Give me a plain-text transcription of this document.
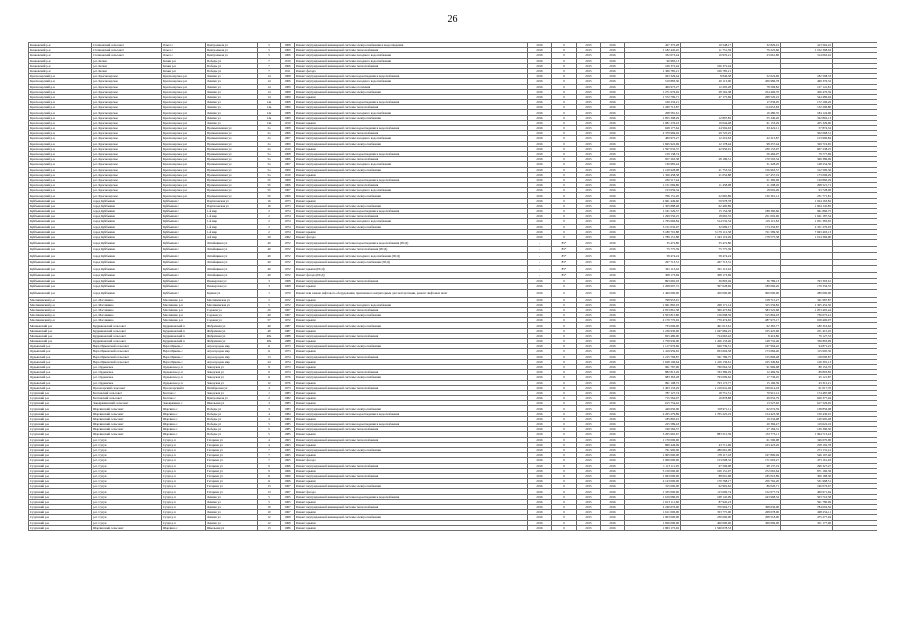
26
Кочковский р-н	Степновский сельсовет	Ольга с	Центральная ул	5	1908	Ремонт внутридомовой инженерной системы электроснабжения и водоотведения	2016	0	2015	2016	427 375,28	10 548,17	32 826,01	413 562,22	
Кочковский р-н	Степновский сельсовет	Ольга с	Центральная ул	5	1909	Ремонт внутридомовой инженерной системы теплоснабжения	2016	0	2015	2016	1 182 445,45	11 751,59	79 225,66	1 102 368,02	
Кочковский р-н	Степновский сельсовет	Ольга с	Центральная ул	5	1906	Ремонт внутридомовой инженерной системы холодного водоснабжения	2016	0	2015	2016	332 673,44	10 970,21	23 661,86	314 063,42	
Кочковский р-н	р.п. Кочки	Кочки р.п	Победы ул	7	1910	Ремонт внутридомовой инженерной системы холодного водоснабжения	2016	0	2015	2016	90 983,13				
Кочковский р-н	р.п. Кочки	Кочки р.п	Победы ул	7	1906	Ремонт внутридомовой инженерной системы теплоснабжения	2016	0	2015	2016	106 372,44	106 372,44			
Кочковский р-н	р.п. Кочки	Кочки р.п	Победы ул	7	1911	Ремонт фасада	2016	0	2015	2016	1 306 785,21	106 785,21			
Краснозерский р-н	р.п. Краснозерское	Краснозерское р.п	Ленина ул	14	1908	Ремонт внутридомовой инженерной системы водоотведения и водоснабжения	2016	0	2015	2016	263 329,44	8 846,58	52 024,69	182 508,33	
Краснозерский р-н	р.п. Краснозерское	Краснозерское р.п	Ленина ул	14	1906	Ремонт внутридомовой инженерной системы холодного водоснабжения	2016	0	2015	2016	519 883,36	20 113,90	206 986,78	469 376,32	
Краснозерский р-н	р.п. Краснозерское	Краснозерское р.п	Ленина ул	14	1909	Ремонт внутридомовой инженерной системы отопления	2016	0	2015	2016	409 973,27	12 295,28	78 506,82	127 141,81	
Краснозерский р-н	р.п. Краснозерское	Краснозерское р.п	Ленина ул	14	1908	Ремонт внутридомовой инженерной системы электроснабжения	2016	0	2015	2016	1 271 676,92	28 162,38	254 406,70	456 476,59	
Краснозерский р-н	р.п. Краснозерское	Краснозерское р.п	Ленина ул	14	1909	Ремонт крыши	2016	0	2015	2016	1 572 799,71	47 175,69	268 520,22	544 486,94	
Краснозерский р-н	р.п. Краснозерское	Краснозерское р.п	Ленина ул	14а	1908	Ремонт внутридомовой инженерной системы водоотведения и водоснабжения	2016	0	2015	2016	109 232,21		17 036,95	172 196,26	
Краснозерский р-н	р.п. Краснозерское	Краснозерское р.п	Ленина ул	14а	1906	Ремонт внутридомовой инженерной системы теплоснабжения	2016	0	2015	2016	1 260 713,87		114 653,83	132 296,80	
Краснозерский р-н	р.п. Краснозерское	Краснозерское р.п	Ленина ул	14а	1908	Ремонт внутридомовой инженерной системы холодного водоснабжения	2016	0	2015	2016	208 581,61		16 480,35	184 124,06	
Краснозерский р-н	р.п. Краснозерское	Краснозерское р.п	Ленина ул	14а	1909	Ремонт внутридомовой инженерной системы электроснабжения	2016	0	2015	2016	1 855 308,29	12 897,85	55 340,26	322 802,13	
Краснозерский р-н	р.п. Краснозерское	Краснозерское р.п	Ленина ул	14а	1910	Ремонт крыши	2016	0	2015	2016	1 681 276,43	19 044,48	61 153,29	455 329,00	
Краснозерский р-н	р.п. Краснозерское	Краснозерское р.п	Промышленная ул	2а	1908	Ремонт внутридомовой инженерной системы водоотведения и водоснабжения	2016	0	2015	2016	628 177,64	24 594,63	63 422,11	57 874,34	
Краснозерский р-н	р.п. Краснозерское	Краснозерское р.п	Промышленная ул	2а	1906	Ремонт внутридомовой инженерной системы теплоснабжения	2016	0	2015	2016	2 379 969,02	29 725,25		502 068,51	
Краснозерский р-н	р.п. Краснозерское	Краснозерское р.п	Промышленная ул	2а	1907	Ремонт внутридомовой инженерной системы холодного водоснабжения	2016	0	2015	2016	409 975,27	12 219,63	42 215,87	153 990,84	
Краснозерский р-н	р.п. Краснозерское	Краснозерское р.п	Промышленная ул	2а	1909	Ремонт внутридомовой инженерной системы электроснабжения	2016	0	2015	2016	1 845 922,69	12 178,44	98 257,44	329 719,65	
Краснозерский р-н	р.п. Краснозерское	Краснозерское р.п	Промышленная ул	2а	1910	Ремонт крыши	2016	0	2015	2016	1 597 032,37	42 950,91	236 153,97	607 238,25	
Краснозерский р-н	р.п. Краснозерское	Краснозерское р.п	Промышленная ул	5а	1908	Ремонт внутридомовой инженерной системы водоотведения и водоснабжения	2016	0	2015	2016	159 138,74		56 466,07	79 777,69	
Краснозерский р-н	р.п. Краснозерское	Краснозерское р.п	Промышленная ул	5а	1906	Ремонт внутридомовой инженерной системы теплоснабжения	2016	0	2015	2016	957 263,38	28 186,51	170 593,34	369 386,09	
Краснозерский р-н	р.п. Краснозерское	Краснозерское р.п	Промышленная ул	5а	1907	Ремонт внутридомовой инженерной системы холодного водоснабжения	2016	0	2015	2016	130 983,44		31 428,20	148 254,50	
Краснозерский р-н	р.п. Краснозерское	Краснозерское р.п	Промышленная ул	5а	1909	Ремонт внутридомовой инженерной системы электроснабжения	2016	0	2015	2016	1 129 928,98	21 753,32	156 963,57	312 500,36	
Краснозерский р-н	р.п. Краснозерское	Краснозерское р.п	Промышленная ул	5а	1910	Ремонт крыши	2016	0	2015	2016	1 326 458,38	21 052,88	117 457,19	173 006,29	
Краснозерский р-н	р.п. Краснозерское	Краснозерское р.п	Промышленная ул	5б	1908	Ремонт внутридомовой инженерной системы водоотведения и водоснабжения	2016	0	2015	2016	230 517,44		21 360,09	129 860,29	
Краснозерский р-н	р.п. Краснозерское	Краснозерское р.п	Промышленная ул	5б	1906	Ремонт внутридомовой инженерной системы теплоснабжения	2016	0	2015	2016	1 151 069,86	11 458,08	11 298,26	298 521,71	
Краснозерский р-н	р.п. Краснозерское	Краснозерское р.п	Промышленная ул	5б	1907	Ремонт внутридомовой инженерной системы холодного водоснабжения	2016	0	2015	2016	153 659,34		18 002,49	93 728,00	
Краснозерский р-н	р.п. Краснозерское	Краснозерское р.п	Промышленная ул	5б	1909	Ремонт внутридомовой инженерной системы электроснабжения	2016	0	2015	2016	706 151,20	22 665,89	130 361,12	231 771,81	
Куйбышевский р-н	город Куйбышев	Куйбышев г	Партизанская ул	16	1973	Ремонт крыши	2016	0	2015	2016	2 961 449,60	59 978,78		1 024 163,82	
Куйбышевский р-н	город Куйбышев	Куйбышев г	Партизанская ул	16	1973	Ремонт внутридомовой инженерной системы электроснабжения	2016	0	2015	2016	1 305 888,48	62 400,89		1 604 145,85	
Куйбышевский р-н	город Куйбышев	Куйбышев г	1-й мкр	2	1974	Ремонт внутридомовой инженерной системы водоотведения и водоснабжения	2016	0	2015	2016	1 161 529,57	15 154,38	188 360,66	961 860,75	
Куйбышевский р-н	город Куйбышев	Куйбышев г	1-й мкр	2	1974	Ремонт внутридомовой инженерной системы теплоснабжения	2016	0	2015	2016	1 299 550,25	18 665,35	251 002,96	1 041 187,54	
Куйбышевский р-н	город Куйбышев	Куйбышев г	1-й мкр	2	1974	Ремонт внутридомовой инженерной системы холодного водоснабжения	2016	0	2015	2016	1 765 666,84	514 532,54	119 115,83	1 051 383,65	
Куйбышевский р-н	город Куйбышев	Куйбышев г	1-й мкр	2	1974	Ремонт внутридомовой инженерной системы электроснабжения	2016	0	2015	2016	3 151 032,07	32 699,17	173 256,87	2 351 276,03	
Куйбышевский р-н	город Куйбышев	Куйбышев г	1-й мкр	2	1974	Ремонт крыши	2016	0	2015	2016	3 180 701,88	3 179 112,58	721 589,30	7 663 493,13	
Куйбышевский р-н	город Куйбышев	Куйбышев г	4-й мкр	29	1962	Ремонт фасада	2016	0	2015	2016	1 789 151,88	1 343 119,49	178 575,38	1 014 366,90	
Куйбышевский р-н	город Куйбышев	Куйбышев г	Литейщиков ул	49	1972	Ремонт внутридомовой инженерной системы водоотведения и водоснабжения (ПСД)	-	85*	2015	2016	35 472,80	35 472,80			
Куйбышевский р-н	город Куйбышев	Куйбышев г	Литейщиков ул	49	1972	Ремонт внутридомовой инженерной системы теплоснабжения (ПСД)	-	85*	2015	2016	75 775,39	75 775,39			
Куйбышевский р-н	город Куйбышев	Куйбышев г	Литейщиков ул	49	1972	Ремонт внутридомовой инженерной системы холодного водоснабжения (ПСД)	-	85*	2015	2016	58 474,24	58 474,24			
Куйбышевский р-н	город Куйбышев	Куйбышев г	Литейщиков ул	49	1972	Ремонт внутридомовой инженерной системы электроснабжения (ПСД)	-	85*	2015	2016	267 713,31	267 713,31			
Куйбышевский р-н	город Куйбышев	Куйбышев г	Литейщиков ул	49	1972	Ремонт крыши (ПСД)	-	85*	2015	2016	301 113,42	301 113,42			
Куйбышевский р-н	город Куйбышев	Куйбышев г	Литейщиков ул	49	1972	Ремонт фасада (ПСД)	-	85*	2015	2016	308 173,69	308 173,69			
Куйбышевский р-н	город Куйбышев	Куйбышев г	Пионерская ул	3	1968	Ремонт внутридомовой инженерной системы теплоснабжения	2016	0	2015	2016	893 665,03	36 803,49	36 789,13	763 393,91	
Куйбышевский р-н	город Куйбышев	Куйбышев г	Пионерская ул	3	1968	Ремонт крыши	2016	0	2015	2016	1 208 697,72	397 028,69	189 066,26	179 356,55	
Куйбышевский р-н	город Куйбышев	Куйбышев г	Кривая ул	1	1970	Ремонт или замена лифтового оборудования, признанного непригодным для эксплуатации, ремонт лифтовых шахт	2016	0	2015	2016	1 400 000,00	450 000,00	900 000,00	280 000,00	
Маслянинский р-н	р.п. Маслянино	Маслянино р.п	Маслянинская ул	5	1972	Ремонт крыши	2016	0	2015	2016	798 953,91		158 715,27	341 987,87	
Маслянинский р-н	р.п. Маслянино	Маслянино р.п	Маслянинская ул	5	1972	Ремонт внутридомовой инженерной системы холодного водоснабжения	2016	0	2015	2016	1 961 865,93	268 171,14	315 556,82	1 305 452,50	
Маслянинский р-н	р.п. Маслянино	Маслянино р.п	Садовая ул	20	1967	Ремонт внутридомовой инженерной системы теплоснабжения	2016	0	2015	2016	2 053 861,38	360 473,84	583 522,68	1 053 405,44	
Маслянинский р-н	р.п. Маслянино	Маслянино р.п	Садовая ул	49	1967	Ремонт внутридомовой инженерной системы электроснабжения	2016	0	2015	2016	2 503 815,86	156 098,39	515 864,03	736 075,41	
Маслянинский р-н	р.п. Маслянино	Маслянино р.п	Садовая ул	57	1972	Ремонт крыши	2016	0	2015	2016	2 170 770,02	779 474,65	287 975,17	918 400,97	
Мошковский р-н	Кудряшовский сельсовет	Кудряшовский п	Фабричная ул	49	1987	Ремонт внутридомовой инженерной системы электроснабжения	2016	0	2015	2016	733 696,00	491 013,61	62 365,77	180 316,62	
Мошковский р-н	Кудряшовский сельсовет	Кудряшовский п	Фабричная ул	48	1987	Ремонт крыши	2016	0	2015	2016	1 236 930,00	1 047 669,25	105 425,96	251 415,45	
Мошковский р-н	Кудряшовский сельсовет	Кудряшовский п	Фабричная ул	48а	1988	Ремонт внутридомовой инженерной системы теплоснабжения	2016	0	2015	2016	825 480,00	724 663,42	8 416,86	79 127,53	
Мошковский р-н	Кудряшовский сельсовет	Кудряшовский п	Фабричная ул	48а	1988	Ремонт крыши	2016	0	2015	2016	1 759 930,00	1 456 133,40	148 732,46	336 893,99	
Ордынский р-н	Верх-Ирменский сельсовет	Верх-Ирмень с	Агрогородок мкр	11	1973	Ремонт внутридомовой инженерной системы электроснабжения	2016	0	2015	2016	1 117 676,66	949 739,51	167 994,42	94 871,22	
Ордынский р-н	Верх-Ирменский сельсовет	Верх-Ирмень с	Агрогородок мкр	11	1973	Ремонт крыши	2016	0	2015	2016	1 419 959,65	833 604,58	173 684,40	115 695,50	
Ордынский р-н	Верх-Ирменский сельсовет	Верх-Ирмень с	Агрогородок мкр	13	1974	Ремонт внутридомовой инженерной системы теплоснабжения	2016	0	2015	2016	1 215 796,87	561 786,75	155 896,48	118 000,87	
Ордынский р-н	Верх-Ирменский сельсовет	Верх-Ирмень с	Агрогородок мкр	24	1974	Ремонт крыши	2016	0	2015	2016	1 628 106,64	1 416 136,61	105 349,84	126 391,13	
Ордынский р-н	р.п. Ордынское	Ордынское р.п	Заводская ул	8	1973	Ремонт крыши	2016	0	2015	2016	961 787,00	760 064,32	91 969,98	80 152,70	
Ордынский р-н	р.п. Ордынское	Ордынское р.п	Заводская ул	9	1974	Ремонт внутридомовой инженерной системы теплоснабжения	2016	0	2015	2016	882 813,26	763 386,29	12 469,59	89 803,85	
Ордынский р-н	р.п. Ордынское	Ордынское р.п	Заводская ул	11	1976	Ремонт внутридомовой инженерной системы электроснабжения	2016	0	2015	2016	983 363,28	763 009,62	17 736,45	45 121,87	
Ордынский р-н	р.п. Ордынское	Ордынское р.п	Заводская ул	12	1976	Ремонт крыши	2016	0	2015	2016	991 198,72	793 173,77	15 160,39	43 315,21	
Ордынский р-н	Пролетарский сельсовет	Пролетарский п	Октябрьская ул	4	1973	Ремонт внутридомовой инженерной системы теплоснабжения	2016	0	2015	2016	1 403 133,29	1 219 641,49	109 614,18	91 017,70	
Сузунский р-н	Болтовский сельсовет	Болтово с	Заводская ул	1	1983	Ремонт крыши	2016	0	2015	2016	787 127,74	18 751,51	70 915,12	174 487,08	
Сузунский р-н	Болтовский сельсовет	Болтово с	Центральная ул	2	1982	Ремонт крыши	2016	0	2015	2016	715 564,07	16 878,88	49 052,79	620 377,94	
Сузунский р-н	Заковряжинский сельсовет	Заковряжино с	Школьная ул	3	1983	Ремонт крыши	2016	0	2015	2016	615 754,42		13 527,92	617 526,95	
Сузунский р-н	Шарчинский сельсовет	Шарчино с	Победы ул	3	1983	Ремонт внутридомовой инженерной системы электроснабжения	2016	0	2015	2016	449 650,00	318 971,11	62 074,59	138 856,08	
Сузунский р-н	Шарчинский сельсовет	Шарчино с	Победы ул	4	1984	Ремонт внутридомовой инженерной системы водоотведения и водоснабжения	2016	0	2015	2016	2 205 279,89	1 705 225,19	154 423,38	150 430,01	
Сузунский р-н	Шарчинский сельсовет	Шарчино с	Победы ул	4	1984	Ремонт крыши	2016	0	2015	2016	185 895,91		19 234,08	126 995,48	
Сузунский р-н	Шарчинский сельсовет	Шарчино с	Победы ул	5	1985	Ремонт внутридомовой инженерной системы водоотведения и водоснабжения	2016	0	2015	2016	225 589,43		20 366,47	119 622,16	
Сузунский р-н	Шарчинский сельсовет	Шарчино с	Победы ул	5	1985	Ремонт внутридомовой инженерной системы теплоснабжения	2016	0	2015	2016	190 584,37		27 184,31	139 390,50	
Сузунский р-н	Шарчинский сельсовет	Шарчино с	Победы ул	5	1985	Ремонт крыши	2016	0	2015	2016	3 205 665,67	883 515,39	133 775,11	1 994 713,43	
Сузунский р-н	р.п. Сузун	Сузун р.п	Гагарина ул	4	1963	Ремонт внутридомовой инженерной системы теплоснабжения	2016	0	2015	2016	1 170 000,00		61 590,98	346 670,00	
Сузунский р-н	р.п. Сузун	Сузун р.п	Гагарина ул	4	1963	Ремонт крыши	2016	0	2015	2016	860 446,09	43 711,96	103 423,26	258 102,78	
Сузунский р-н	р.п. Сузун	Сузун р.п	Гагарина ул	7	1965	Ремонт внутридомовой инженерной системы электроснабжения	2016	0	2015	2016	761 900,00	286 661,00		273 131,41	
Сузунский р-н	р.п. Сузун	Сузун р.п	Гагарина ул	7	1965	Ремонт крыши	2016	0	2015	2016	1 905 000,00	178 117,18	197 800,49	546 197,46	
Сузунский р-н	р.п. Сузун	Сузун р.п	Гагарина ул	7	1965	Ремонт фасада	2016	0	2015	2016	1 600 000,00	153 008,32	171 003,27	473 161,93	
Сузунский р-н	р.п. Сузун	Сузун р.п	Гагарина ул	9	1966	Ремонт внутридомовой инженерной системы теплоснабжения	2016	0	2015	2016	1 113 111,05	67 506,98	98 137,19	296 327,47	
Сузунский р-н	р.п. Сузун	Сузун р.п	Гагарина ул	9	1966	Ремонт крыши	2016	0	2015	2016	3 150 000,00	100 151,07	272 063,64	871 160,39	
Сузунский р-н	р.п. Сузун	Сузун р.п	Гагарина ул	11	1966	Ремонт внутридомовой инженерной системы теплоснабжения	2016	0	2015	2016	1 063 000,00	88 001,68	185 010,89	306 188,36	
Сузунский р-н	р.п. Сузун	Сузун р.п	Гагарина ул	11	1966	Ремонт крыши	2016	0	2015	2016	2 123 000,00	179 768,17	256 762,20	531 968,51	
Сузунский р-н	р.п. Сузун	Сузун р.п	Гагарина ул	13	1967	Ремонт внутридомовой инженерной системы электроснабжения	2016	0	2015	2016	315 000,00	62 902,62	86 020,71	166 076,67	
Сузунский р-н	р.п. Сузун	Сузун р.п	Гагарина ул	13	1967	Ремонт фасада	2016	0	2015	2016	1 335 000,00	113 000,74	152 077,74	409 971,94	
Сузунский р-н	р.п. Сузун	Сузун р.п	Ленина ул	5	1965	Ремонт внутридомовой инженерной системы водоотведения и водоснабжения	2016	0	2015	2016	1 619 080,05	108 145,99	243 968,32	503 710,58	
Сузунский р-н	р.п. Сузун	Сузун р.п	Ленина ул	5	1965	Ремонт крыши	2016	0	2015	2016	1 613 111,60	87 945,23		591 780,06	
Сузунский р-н	р.п. Сузун	Сузун р.п	Ленина ул	10	1967	Ремонт внутридомовой инженерной системы теплоснабжения	2016	0	2015	2016	2 240 676,00	370 904,71	308 636,00	784 004,56	
Сузунский р-н	р.п. Сузун	Сузун р.п	Ленина ул	10	1967	Ремонт крыши	2016	0	2015	2016	1 611 000,00	353 775,00	268 678,00	498 254,11	
Сузунский р-н	р.п. Сузун	Сузун р.п	Ленина ул	12	1968	Ремонт внутридомовой инженерной системы электроснабжения	2016	0	2015	2016	1 603 000,00	230 000,00	208 518,00	475 277,04	
Сузунский р-н	р.п. Сузун	Сузун р.п	Ленина ул	12	1968	Ремонт крыши	2016	0	2015	2016	1 820 000,00	400 000,00	300 069,00	351 177,90	
Сузунский р-н	Шарчинский сельсовет	Шарчино с	Школьная ул	13	1986	Ремонт крыши	2016	0	2015	2016	1 863 175,02	1 560 078,53			
